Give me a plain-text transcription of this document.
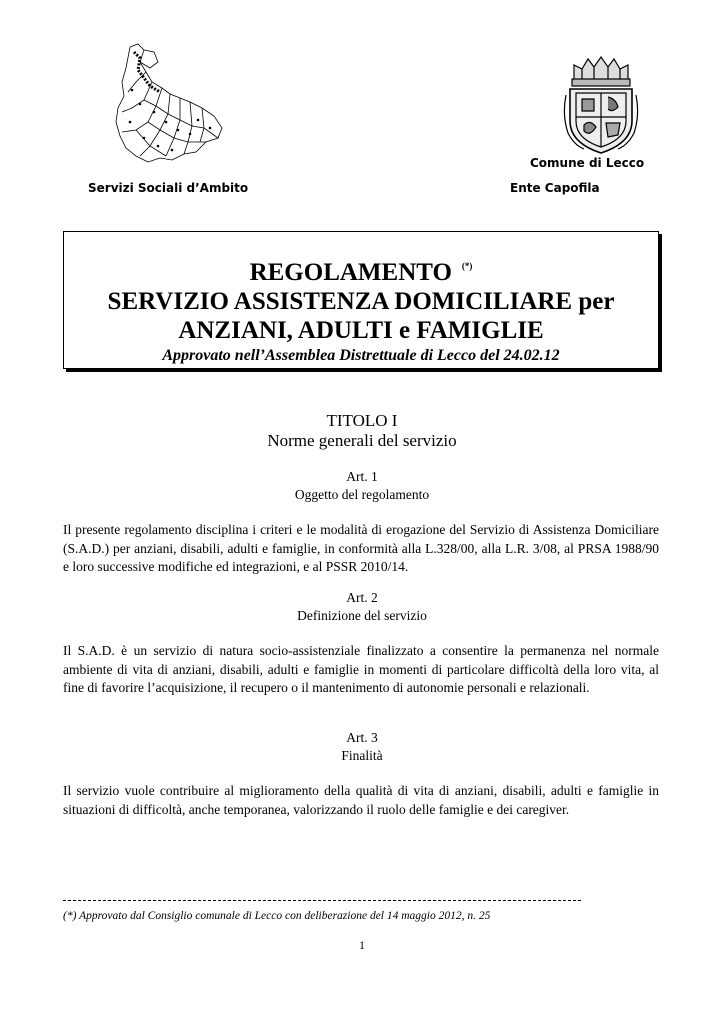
Comune di Lecco
Servizi Sociali d’Ambito	Ente Capofila
REGOLAMENTO (*)
SERVIZIO ASSISTENZA DOMICILIARE per
ANZIANI, ADULTI e FAMIGLIE
Approvato nell’Assemblea Distrettuale di Lecco del 24.02.12
TITOLO I
Norme generali del servizio
Art. 1
Oggetto del regolamento
Il presente regolamento disciplina i criteri e le modalità di erogazione del Servizio di Assistenza Domiciliare (S.A.D.) per anziani, disabili, adulti e famiglie, in conformità alla L.328/00, alla L.R. 3/08, al PRSA 1988/90 e loro successive modifiche ed integrazioni, e al PSSR 2010/14.
Art. 2
Definizione del servizio
Il S.A.D. è un servizio di natura socio-assistenziale finalizzato a consentire la permanenza nel normale ambiente di vita di anziani, disabili, adulti e famiglie in momenti di particolare difficoltà della loro vita, al fine di favorire l’acquisizione, il recupero o il mantenimento di autonomie personali e relazionali.
Art. 3
Finalità
Il servizio vuole contribuire al miglioramento della qualità di vita di anziani, disabili, adulti e famiglie in situazioni di difficoltà, anche temporanea, valorizzando il ruolo delle famiglie e dei caregiver.
(*) Approvato dal Consiglio comunale di Lecco con deliberazione del 14 maggio 2012, n. 25
1
